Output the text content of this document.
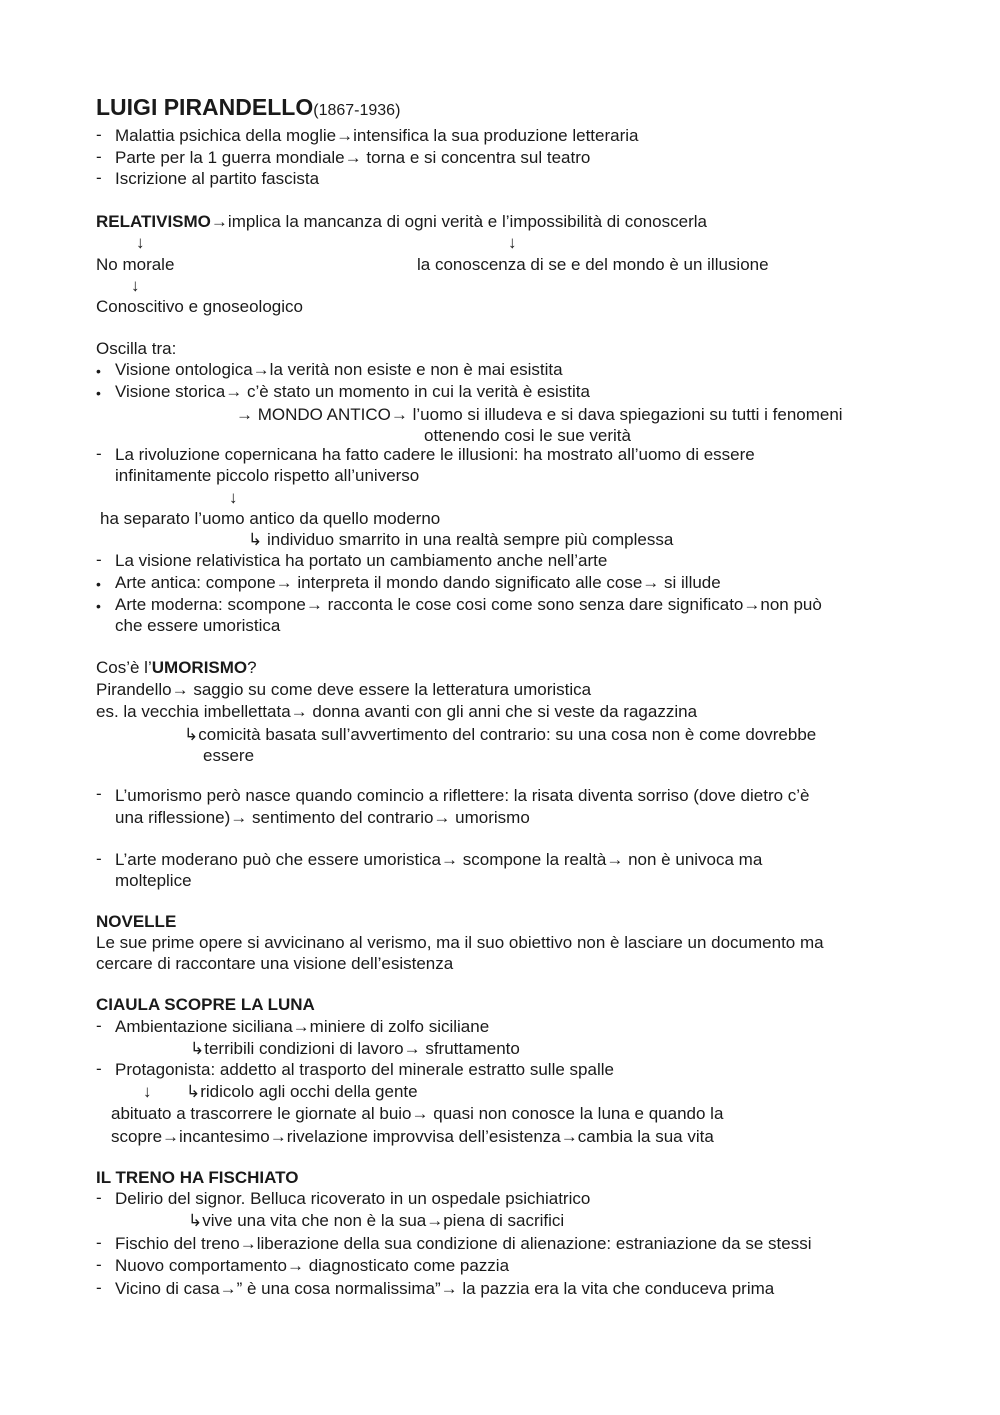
LUIGI PIRANDELLO(1867-1936)
- Malattia psichica della moglie→intensifica la sua produzione letteraria
- Parte per la 1 guerra mondiale→ torna e si concentra sul teatro
- Iscrizione al partito fascista
RELATIVISMO→implica la mancanza di ogni verità e l’impossibilità di conoscerla
↓	↓
No morale	la conoscenza di se e del mondo è un illusione
↓
Conoscitivo e gnoseologico
Oscilla tra:
• Visione ontologica→la verità non esiste e non è mai esistita
• Visione storica→ c’è stato un momento in cui la verità è esistita
→ MONDO ANTICO→ l’uomo si illudeva e si dava spiegazioni su tutti i fenomeni
ottenendo cosi le sue verità
- La rivoluzione copernicana ha fatto cadere le illusioni: ha mostrato all’uomo di essere
infinitamente piccolo rispetto all’universo
↓
ha separato l’uomo antico da quello moderno
↳ individuo smarrito in una realtà sempre più complessa
- La visione relativistica ha portato un cambiamento anche nell’arte
• Arte antica: compone→ interpreta il mondo dando significato alle cose→ si illude
• Arte moderna: scompone→ racconta le cose cosi come sono senza dare significato→non può
che essere umoristica
Cos’è l’UMORISMO?
Pirandello→ saggio su come deve essere la letteratura umoristica
es. la vecchia imbellettata→ donna avanti con gli anni che si veste da ragazzina
↳comicità basata sull’avvertimento del contrario: su una cosa non è come dovrebbe
essere
- L’umorismo però nasce quando comincio a riflettere: la risata diventa sorriso (dove dietro c’è
una riflessione)→ sentimento del contrario→ umorismo
- L’arte moderano può che essere umoristica→ scompone la realtà→ non è univoca ma
molteplice
NOVELLE
Le sue prime opere si avvicinano al verismo, ma il suo obiettivo non è lasciare un documento ma
cercare di raccontare una visione dell’esistenza
CIAULA SCOPRE LA LUNA
- Ambientazione siciliana→miniere di zolfo siciliane
↳terribili condizioni di lavoro→ sfruttamento
- Protagonista: addetto al trasporto del minerale estratto sulle spalle
↓ ↳ridicolo agli occhi della gente
abituato a trascorrere le giornate al buio→ quasi non conosce la luna e quando la
scopre→incantesimo→rivelazione improvvisa dell’esistenza→cambia la sua vita
IL TRENO HA FISCHIATO
- Delirio del signor. Belluca ricoverato in un ospedale psichiatrico
↳vive una vita che non è la sua→piena di sacrifici
- Fischio del treno→liberazione della sua condizione di alienazione: estraniazione da se stessi
- Nuovo comportamento→ diagnosticato come pazzia
- Vicino di casa→” è una cosa normalissima”→ la pazzia era la vita che conduceva prima
